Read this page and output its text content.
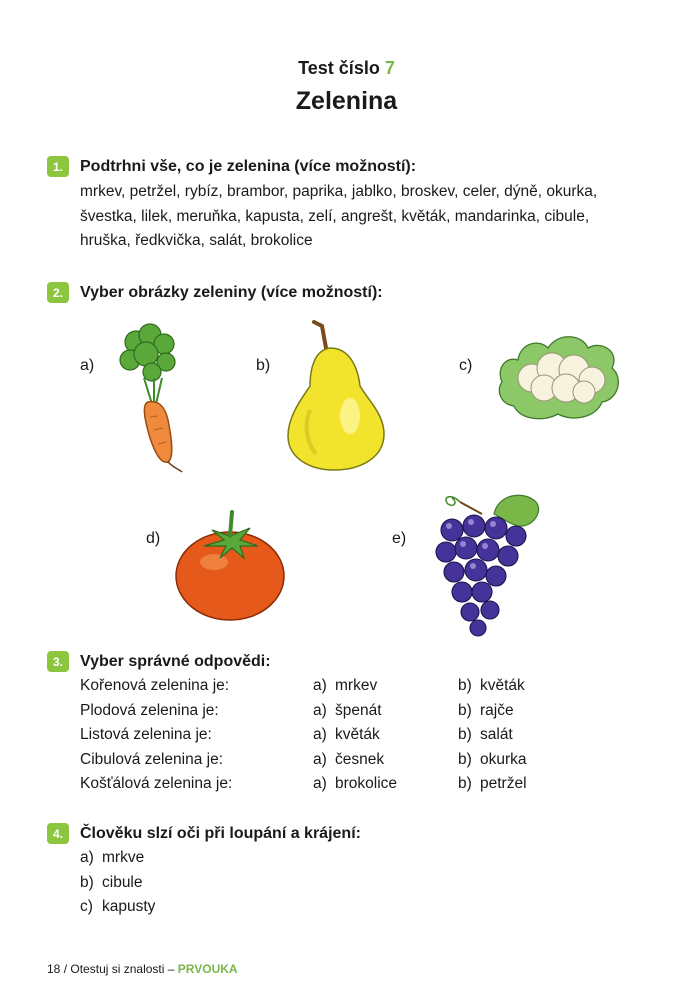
Test číslo 7
Zelenina
1.	Podtrhni vše, co je zelenina (více možností):
mrkev, petržel, rybíz, brambor, paprika, jablko, broskev, celer, dýně, okurka,
švestka, lilek, meruňka, kapusta, zelí, angrešt, květák, mandarinka, cibule,
hruška, ředkvička, salát, brokolice
2.	Vyber obrázky zeleniny (více možností):
a)	b)	c)
d)	e)
3.	Vyber správné odpovědi:
Kořenová zelenina je:	a) mrkev	b) květák
Plodová zelenina je:	a) špenát	b) rajče
Listová zelenina je:	a) květák	b) salát
Cibulová zelenina je:	a) česnek	b) okurka
Košťálová zelenina je:	a) brokolice	b) petržel
4.	Člověku slzí oči při loupání a krájení:
a) mrkve
b) cibule
c) kapusty
18 / Otestuj si znalosti – PRVOUKA
